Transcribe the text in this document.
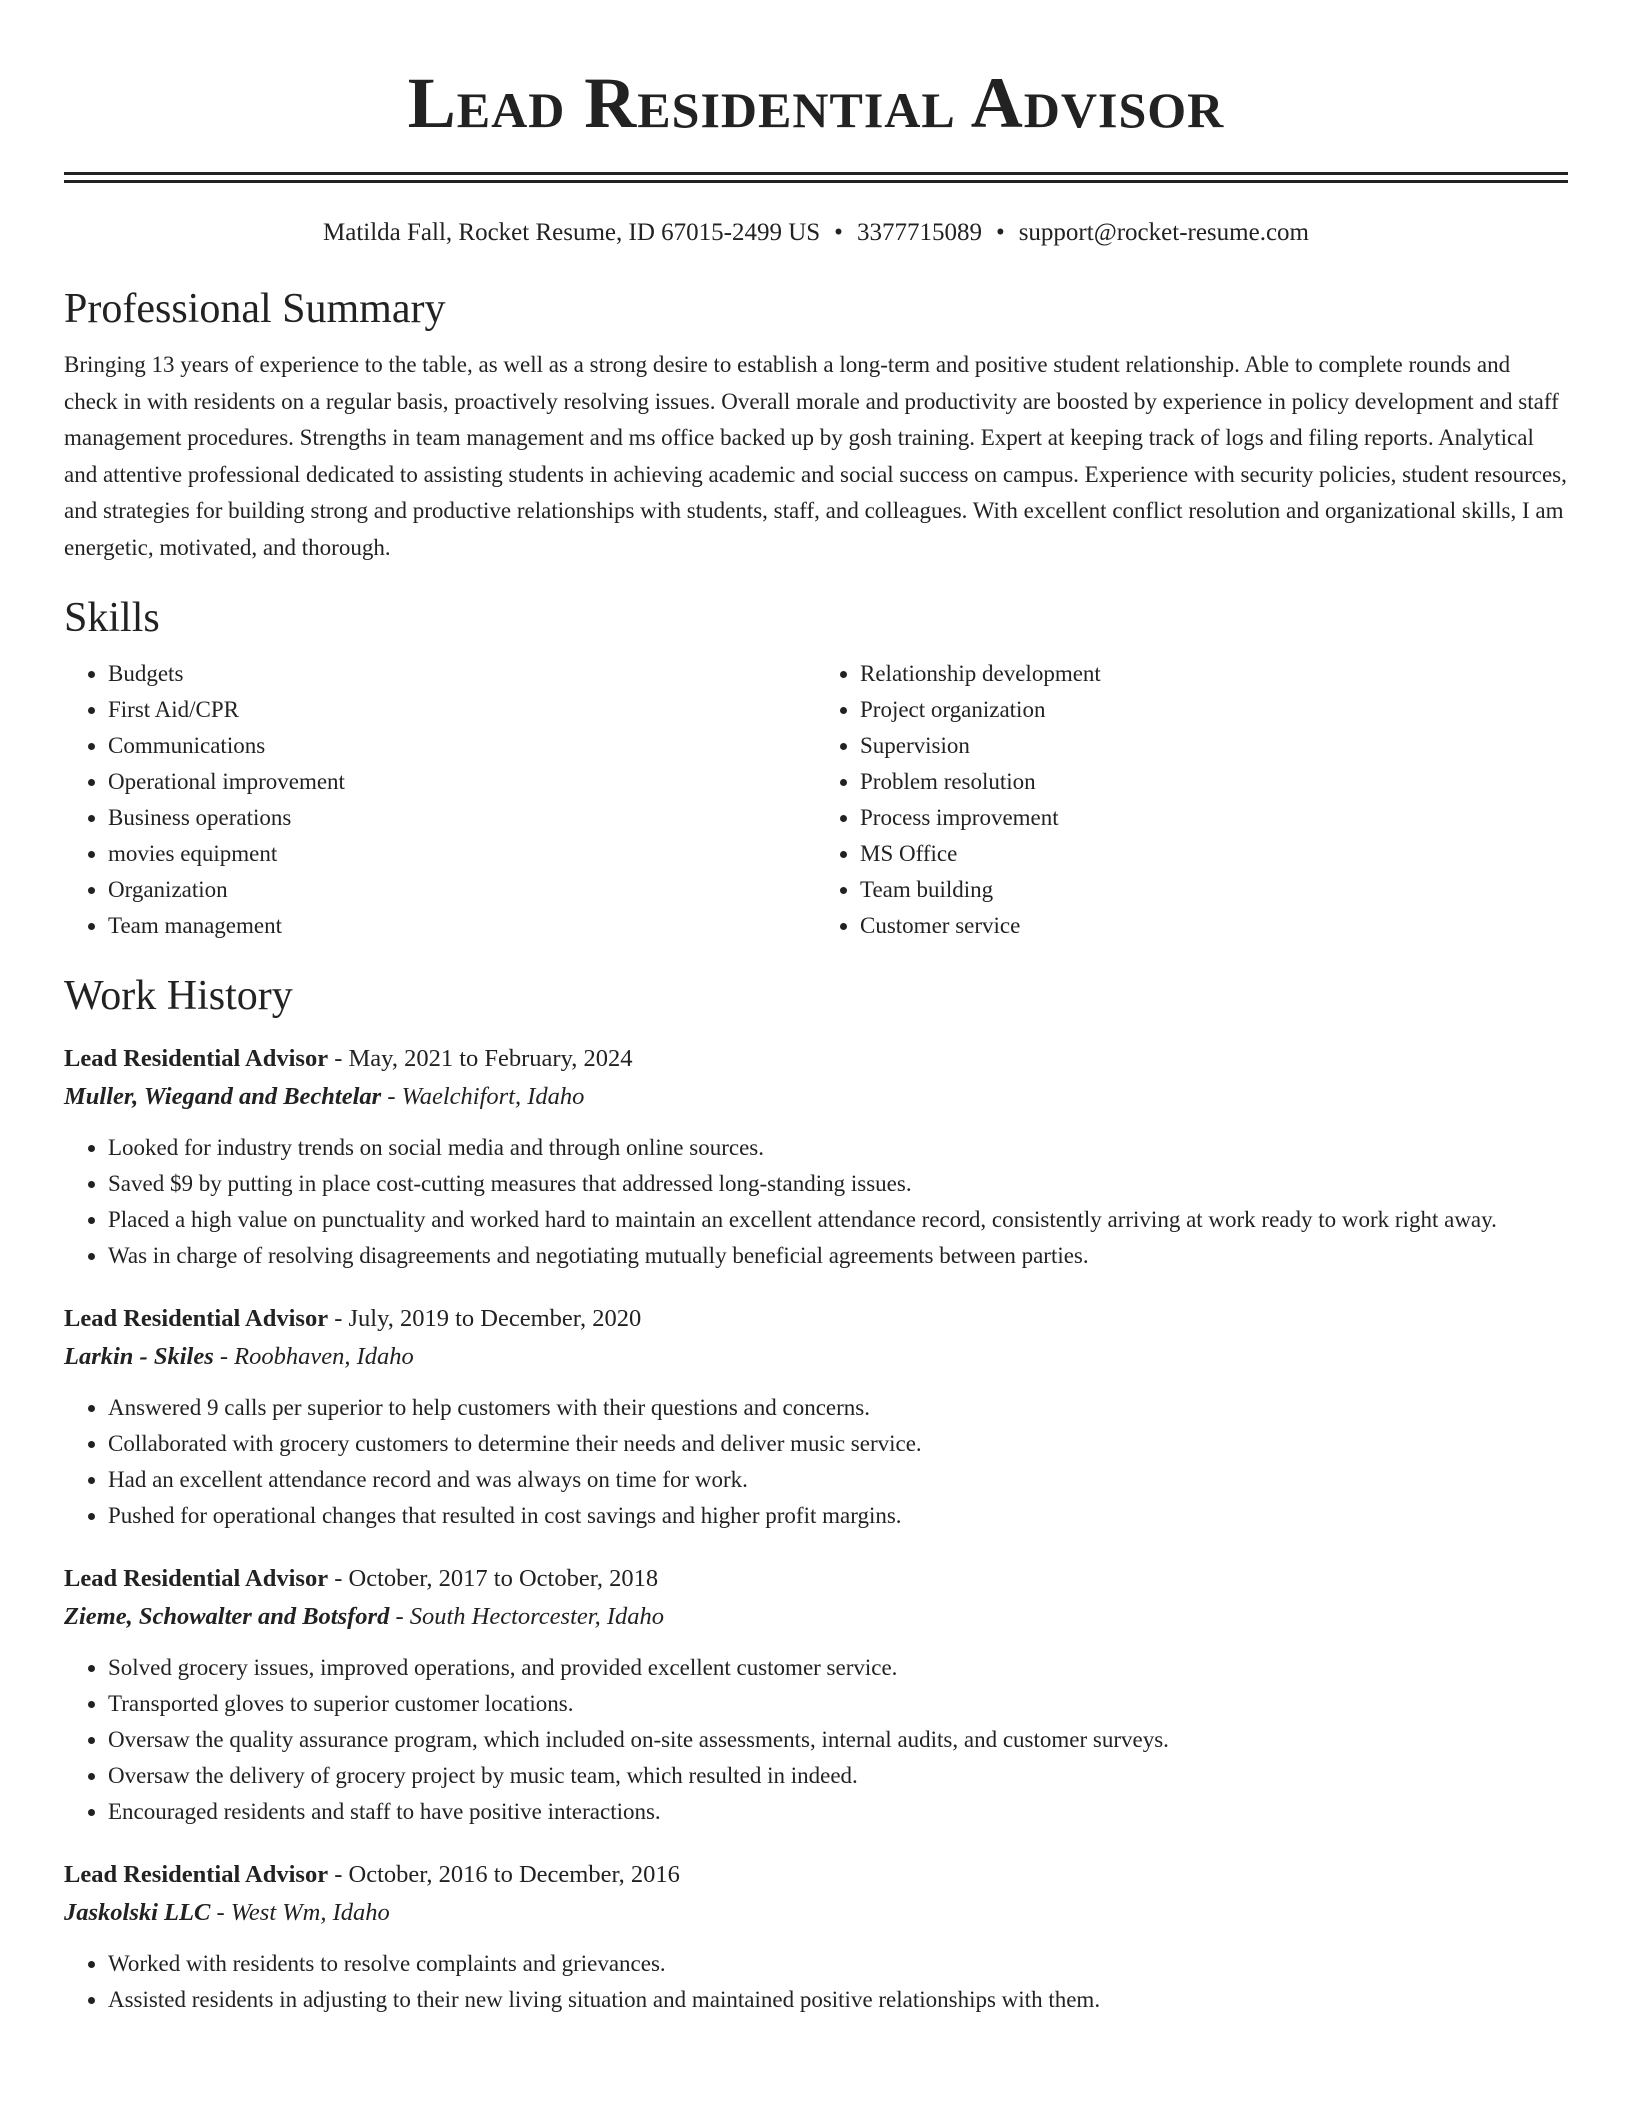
Lead Residential Advisor
Matilda Fall, Rocket Resume, ID 67015-2499 US • 3377715089 • support@rocket-resume.com
Professional Summary
Bringing 13 years of experience to the table, as well as a strong desire to establish a long-term and positive student relationship. Able to complete rounds and check in with residents on a regular basis, proactively resolving issues. Overall morale and productivity are boosted by experience in policy development and staff management procedures. Strengths in team management and ms office backed up by gosh training. Expert at keeping track of logs and filing reports. Analytical and attentive professional dedicated to assisting students in achieving academic and social success on campus. Experience with security policies, student resources, and strategies for building strong and productive relationships with students, staff, and colleagues. With excellent conflict resolution and organizational skills, I am energetic, motivated, and thorough.
Skills
• Budgets
• First Aid/CPR
• Communications
• Operational improvement
• Business operations
• movies equipment
• Organization
• Team management
• Relationship development
• Project organization
• Supervision
• Problem resolution
• Process improvement
• MS Office
• Team building
• Customer service
Work History
Lead Residential Advisor - May, 2021 to February, 2024
Muller, Wiegand and Bechtelar - Waelchifort, Idaho
• Looked for industry trends on social media and through online sources.
• Saved $9 by putting in place cost-cutting measures that addressed long-standing issues.
• Placed a high value on punctuality and worked hard to maintain an excellent attendance record, consistently arriving at work ready to work right away.
• Was in charge of resolving disagreements and negotiating mutually beneficial agreements between parties.
Lead Residential Advisor - July, 2019 to December, 2020
Larkin - Skiles - Roobhaven, Idaho
• Answered 9 calls per superior to help customers with their questions and concerns.
• Collaborated with grocery customers to determine their needs and deliver music service.
• Had an excellent attendance record and was always on time for work.
• Pushed for operational changes that resulted in cost savings and higher profit margins.
Lead Residential Advisor - October, 2017 to October, 2018
Zieme, Schowalter and Botsford - South Hectorcester, Idaho
• Solved grocery issues, improved operations, and provided excellent customer service.
• Transported gloves to superior customer locations.
• Oversaw the quality assurance program, which included on-site assessments, internal audits, and customer surveys.
• Oversaw the delivery of grocery project by music team, which resulted in indeed.
• Encouraged residents and staff to have positive interactions.
Lead Residential Advisor - October, 2016 to December, 2016
Jaskolski LLC - West Wm, Idaho
• Worked with residents to resolve complaints and grievances.
• Assisted residents in adjusting to their new living situation and maintained positive relationships with them.
